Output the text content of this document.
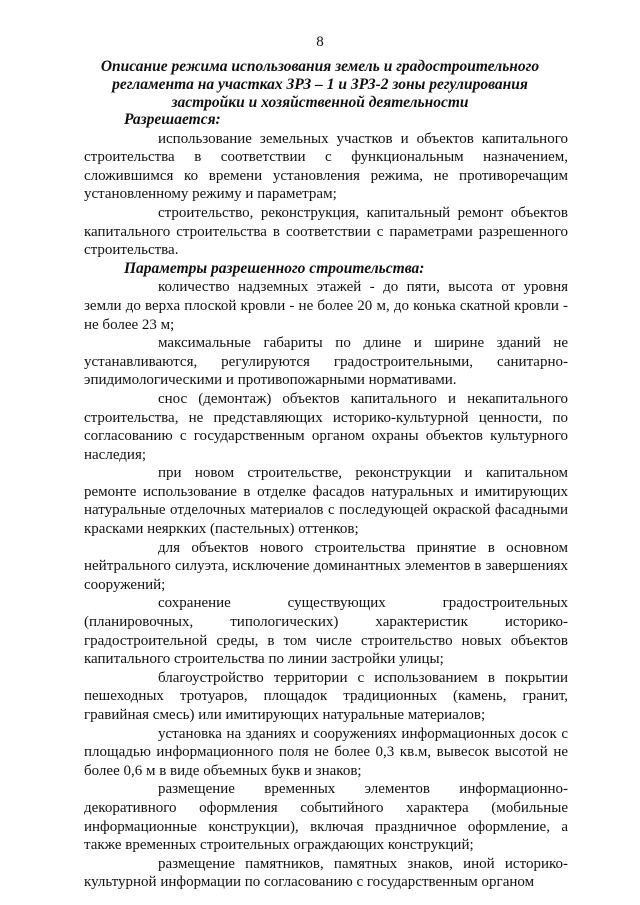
8
Описание режима использования земель и градостроительного регламента на участках ЗРЗ – 1 и ЗРЗ-2 зоны регулирования застройки и хозяйственной деятельности
Разрешается:

использование земельных участков и объектов капитального строительства в соответствии с функциональным назначением, сложившимся ко времени установления режима, не противоречащим установленному режиму и параметрам;

строительство, реконструкция, капитальный ремонт объектов капитального строительства в соответствии с параметрами разрешенного строительства.

Параметры разрешенного строительства:

количество надземных этажей - до пяти, высота от уровня земли до верха плоской кровли - не более 20 м, до конька скатной кровли - не более 23 м;

максимальные габариты по длине и ширине зданий не устанавливаются, регулируются градостроительными, санитарно-эпидимологическими и противопожарными нормативами.

снос (демонтаж) объектов капитального и некапитального строительства, не представляющих историко-культурной ценности, по согласованию с государственным органом охраны объектов культурного наследия;

при новом строительстве, реконструкции и капитальном ремонте использование в отделке фасадов натуральных и имитирующих натуральные отделочных материалов с последующей окраской фасадными красками неяркких (пастельных) оттенков;

для объектов нового строительства принятие в основном нейтрального силуэта, исключение доминантных элементов в завершениях сооружений;

сохранение существующих градостроительных (планировочных, типологических) характеристик историко-градостроительной среды, в том числе строительство новых объектов капитального строительства по линии застройки улицы;

благоустройство территории с использованием в покрытии пешеходных тротуаров, площадок традиционных (камень, гранит, гравийная смесь) или имитирующих натуральные материалов;

установка на зданиях и сооружениях информационных досок с площадью информационного поля не более 0,3 кв.м, вывесок высотой не более 0,6 м в виде объемных букв и знаков;

размещение временных элементов информационно-декоративного оформления событийного характера (мобильные информационные конструкции), включая праздничное оформление, а также временных строительных ограждающих конструкций;

размещение памятников, памятных знаков, иной историко-культурной информации по согласованию с государственным органом
